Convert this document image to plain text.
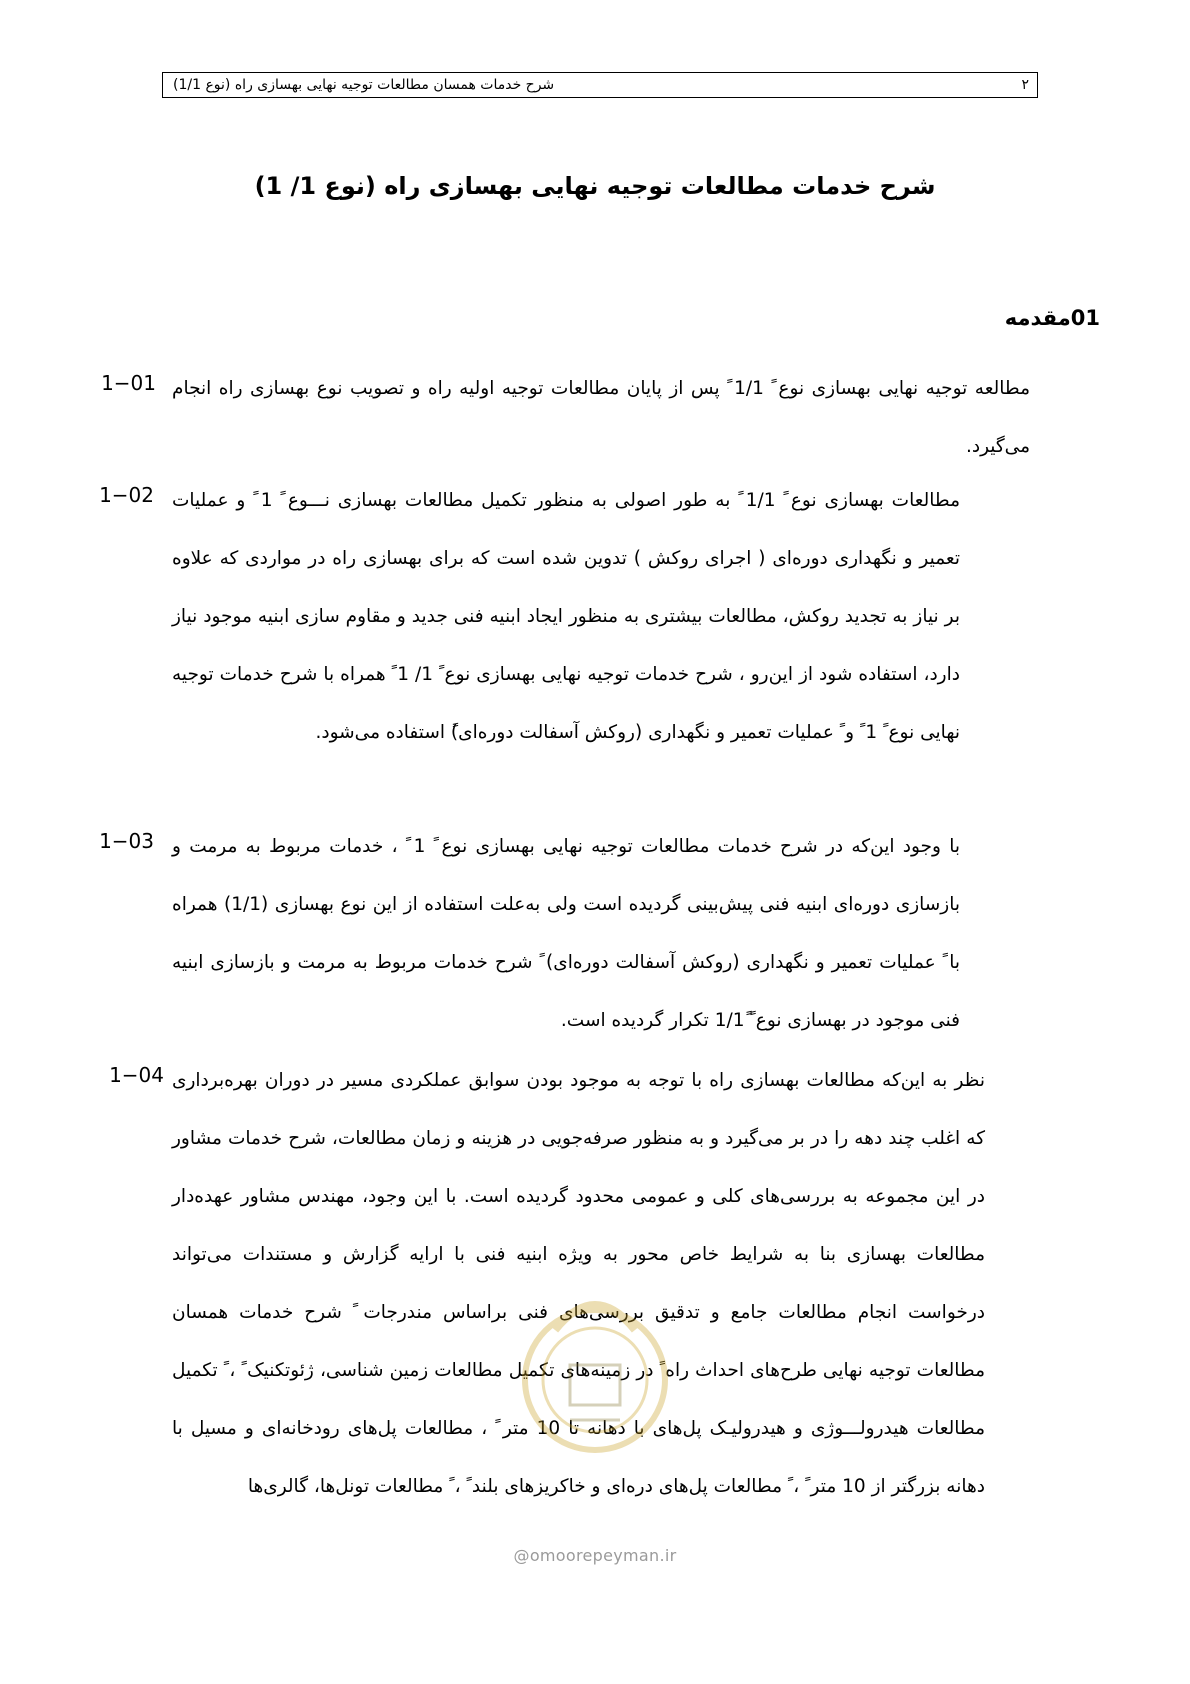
۲
شرح خدمات همسان مطالعات توجیه نهایی بهسازی راه (نوع 1/1)
شرح خدمات مطالعات توجیه نهایی بهسازی راه (نوع 1/ 1)
01مقدمه
1−01 مطالعه توجیه نهایی بهسازی نوع ً 1/1 ً پس از پایان مطالعات توجیه اولیه راه و تصویب نوع بهسازی راه انجام می‌گیرد.
1−02 مطالعات بهسازی نوع ً 1/1 ً به طور اصولی به منظور تکمیل مطالعات بهسازی نـــوع ً 1 ً و عملیات تعمیر و نگهداری دوره‌ای ( اجرای روکش ) تدوین شده است که برای بهسازی راه در مواردی که علاوه بر نیاز به تجدید روکش، مطالعات بیشتری به منظور ایجاد ابنیه فنی جدید و مقاوم سازی ابنیه موجود نیاز دارد، استفاده شود از این‌رو ، شرح خدمات توجیه نهایی بهسازی نوع ً 1/ 1 ً همراه با شرح خدمات توجیه نهایی نوع ً 1 ً و ً عملیات تعمیر و نگهداری (روکش آسفالت دوره‌ای)ً استفاده می‌شود.
1−03 با وجود این‌که در شرح خدمات مطالعات توجیه نهایی بهسازی نوع ً 1 ً ، خدمات مربوط به مرمت و بازسازی دوره‌ای ابنیه فنی پیش‌بینی گردیده است ولی به‌علت استفاده از این نوع بهسازی (1/1) همراه با ً عملیات تعمیر و نگهداری (روکش آسفالت دوره‌ای) ً شرح خدمات مربوط به مرمت و بازسازی ابنیه فنی موجود در بهسازی نوع ً 1/1ً تکرار گردیده است.
1−04 نظر به این‌که مطالعات بهسازی راه با توجه به موجود بودن سوابق عملکردی مسیر در دوران بهره‌برداری که اغلب چند دهه را در بر می‌گیرد و به منظور صرفه‌جویی در هزینه و زمان مطالعات، شرح خدمات مشاور در این مجموعه به بررسی‌های کلی و عمومی محدود گردیده است. با این وجود، مهندس مشاور عهده‌دار مطالعات بهسازی بنا به شرایط خاص محور به ویژه ابنیه فنی با ارایه گزارش و مستندات می‌تواند درخواست انجام مطالعات جامع و تدقیق بررسی‌های فنی براساس مندرجات ً شرح خدمات همسان مطالعات توجیه نهایی طرح‌های احداث راه ً در زمینه‌های تکمیل مطالعات زمین شناسی، ژئوتکنیک ً ، ً تکمیل مطالعات هیدرولـــوژی و هیدرولیـک پل‌های با دهانه تا 10 متر ً ، مطالعات پل‌های رودخانه‌ای و مسیل با دهانه بزرگتر از 10 متر ً ، ً مطالعات پل‌های دره‌ای و خاکریزهای بلند ً ، ً مطالعات تونل‌ها، گالری‌ها
@omoorepeyman.ir
